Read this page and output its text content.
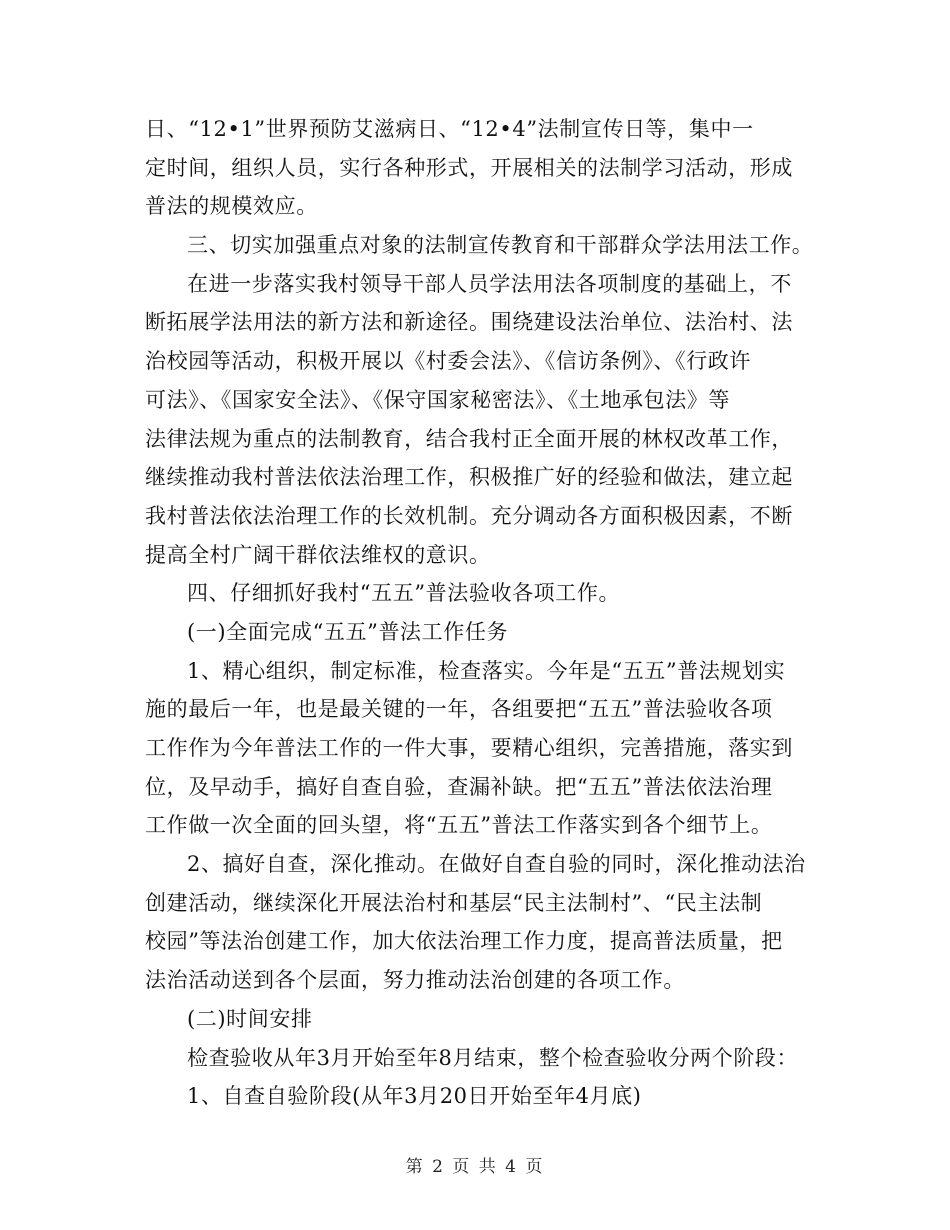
日、“12•1”世界预防艾滋病日、“12•4”法制宣传日等，集中一
定时间，组织人员，实行各种形式，开展相关的法制学习活动，形成
普法的规模效应。
三、切实加强重点对象的法制宣传教育和干部群众学法用法工作。
在进一步落实我村领导干部人员学法用法各项制度的基础上，不
断拓展学法用法的新方法和新途径。围绕建设法治单位、法治村、法
治校园等活动，积极开展以《村委会法》、《信访条例》、《行政许
可法》、《国家安全法》、《保守国家秘密法》、《土地承包法》等
法律法规为重点的法制教育，结合我村正全面开展的林权改革工作，
继续推动我村普法依法治理工作，积极推广好的经验和做法，建立起
我村普法依法治理工作的长效机制。充分调动各方面积极因素，不断
提高全村广阔干群依法维权的意识。
四、仔细抓好我村“五五”普法验收各项工作。
(一)全面完成“五五”普法工作任务
1、精心组织，制定标准，检查落实。今年是“五五”普法规划实
施的最后一年，也是最关键的一年，各组要把“五五”普法验收各项
工作作为今年普法工作的一件大事，要精心组织，完善措施，落实到
位，及早动手，搞好自查自验，查漏补缺。把“五五”普法依法治理
工作做一次全面的回头望，将“五五”普法工作落实到各个细节上。
2、搞好自查，深化推动。在做好自查自验的同时，深化推动法治
创建活动，继续深化开展法治村和基层“民主法制村”、“民主法制
校园”等法治创建工作，加大依法治理工作力度，提高普法质量，把
法治活动送到各个层面，努力推动法治创建的各项工作。
(二)时间安排
检查验收从年3月开始至年8月结束，整个检查验收分两个阶段：
1、自查自验阶段(从年3月20日开始至年4月底)
第 2 页 共 4 页
